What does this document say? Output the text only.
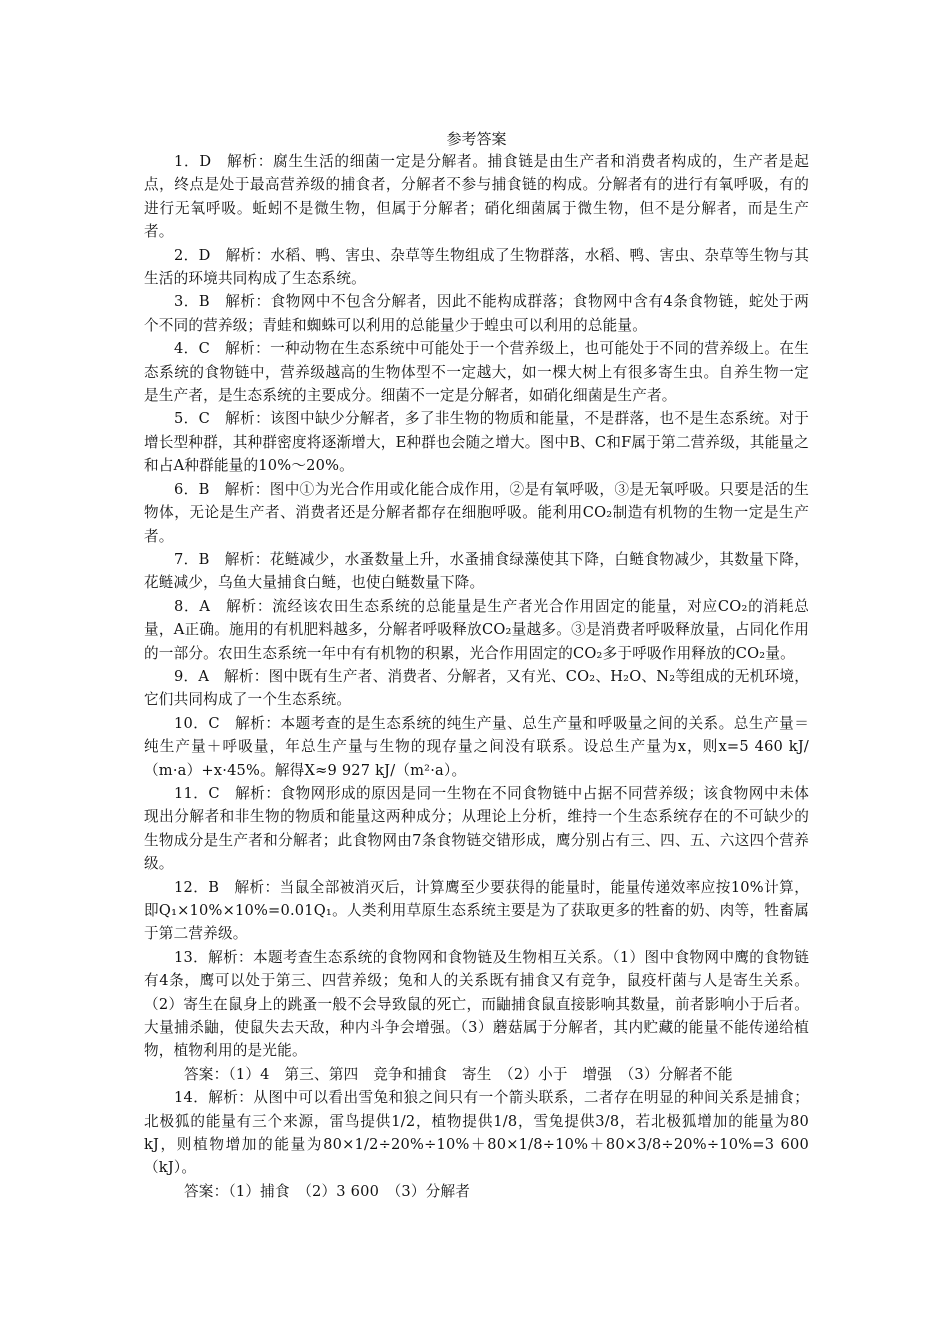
参考答案

1．D　解析：腐生生活的细菌一定是分解者。捕食链是由生产者和消费者构成的，生产者是起点，终点是处于最高营养级的捕食者，分解者不参与捕食链的构成。分解者有的进行有氧呼吸，有的进行无氧呼吸。蚯蚓不是微生物，但属于分解者；硝化细菌属于微生物，但不是分解者，而是生产者。

2．D　解析：水稻、鸭、害虫、杂草等生物组成了生物群落，水稻、鸭、害虫、杂草等生物与其生活的环境共同构成了生态系统。

3．B　解析：食物网中不包含分解者，因此不能构成群落；食物网中含有4条食物链，蛇处于两个不同的营养级；青蛙和蜘蛛可以利用的总能量少于蝗虫可以利用的总能量。

4．C　解析：一种动物在生态系统中可能处于一个营养级上，也可能处于不同的营养级上。在生态系统的食物链中，营养级越高的生物体型不一定越大，如一棵大树上有很多寄生虫。自养生物一定是生产者，是生态系统的主要成分。细菌不一定是分解者，如硝化细菌是生产者。

5．C　解析：该图中缺少分解者，多了非生物的物质和能量，不是群落，也不是生态系统。对于增长型种群，其种群密度将逐渐增大，E种群也会随之增大。图中B、C和F属于第二营养级，其能量之和占A种群能量的10%～20%。

6．B　解析：图中①为光合作用或化能合成作用，②是有氧呼吸，③是无氧呼吸。只要是活的生物体，无论是生产者、消费者还是分解者都存在细胞呼吸。能利用CO₂制造有机物的生物一定是生产者。

7．B　解析：花鲢减少，水蚤数量上升，水蚤捕食绿藻使其下降，白鲢食物减少，其数量下降，花鲢减少，乌鱼大量捕食白鲢，也使白鲢数量下降。

8．A　解析：流经该农田生态系统的总能量是生产者光合作用固定的能量，对应CO₂的消耗总量，A正确。施用的有机肥料越多，分解者呼吸释放CO₂量越多。③是消费者呼吸释放量，占同化作用的一部分。农田生态系统一年中有有机物的积累，光合作用固定的CO₂多于呼吸作用释放的CO₂量。

9．A　解析：图中既有生产者、消费者、分解者，又有光、CO₂、H₂O、N₂等组成的无机环境，它们共同构成了一个生态系统。

10．C　解析：本题考查的是生态系统的纯生产量、总生产量和呼吸量之间的关系。总生产量＝纯生产量＋呼吸量，年总生产量与生物的现存量之间没有联系。设总生产量为x，则x=5 460 kJ/（m·a）+x·45%。解得X≈9 927 kJ/（m²·a）。

11．C　解析：食物网形成的原因是同一生物在不同食物链中占据不同营养级；该食物网中未体现出分解者和非生物的物质和能量这两种成分；从理论上分析，维持一个生态系统存在的不可缺少的生物成分是生产者和分解者；此食物网由7条食物链交错形成，鹰分别占有三、四、五、六这四个营养级。

12．B　解析：当鼠全部被消灭后，计算鹰至少要获得的能量时，能量传递效率应按10%计算，即Q₁×10%×10%=0.01Q₁。人类利用草原生态系统主要是为了获取更多的牲畜的奶、肉等，牲畜属于第二营养级。

13．解析：本题考查生态系统的食物网和食物链及生物相互关系。（1）图中食物网中鹰的食物链有4条，鹰可以处于第三、四营养级；兔和人的关系既有捕食又有竞争，鼠疫杆菌与人是寄生关系。（2）寄生在鼠身上的跳蚤一般不会导致鼠的死亡，而鼬捕食鼠直接影响其数量，前者影响小于后者。大量捕杀鼬，使鼠失去天敌，种内斗争会增强。（3）蘑菇属于分解者，其内贮藏的能量不能传递给植物，植物利用的是光能。

答案：（1）4　第三、第四　竞争和捕食　寄生　（2）小于　增强　（3）分解者不能

14．解析：从图中可以看出雪兔和狼之间只有一个箭头联系，二者存在明显的种间关系是捕食；北极狐的能量有三个来源，雷鸟提供1/2，植物提供1/8，雪兔提供3/8，若北极狐增加的能量为80 kJ，则植物增加的能量为80×1/2÷20%÷10%＋80×1/8÷10%＋80×3/8÷20%÷10%=3 600（kJ）。

答案：（1）捕食　（2）3 600　（3）分解者
